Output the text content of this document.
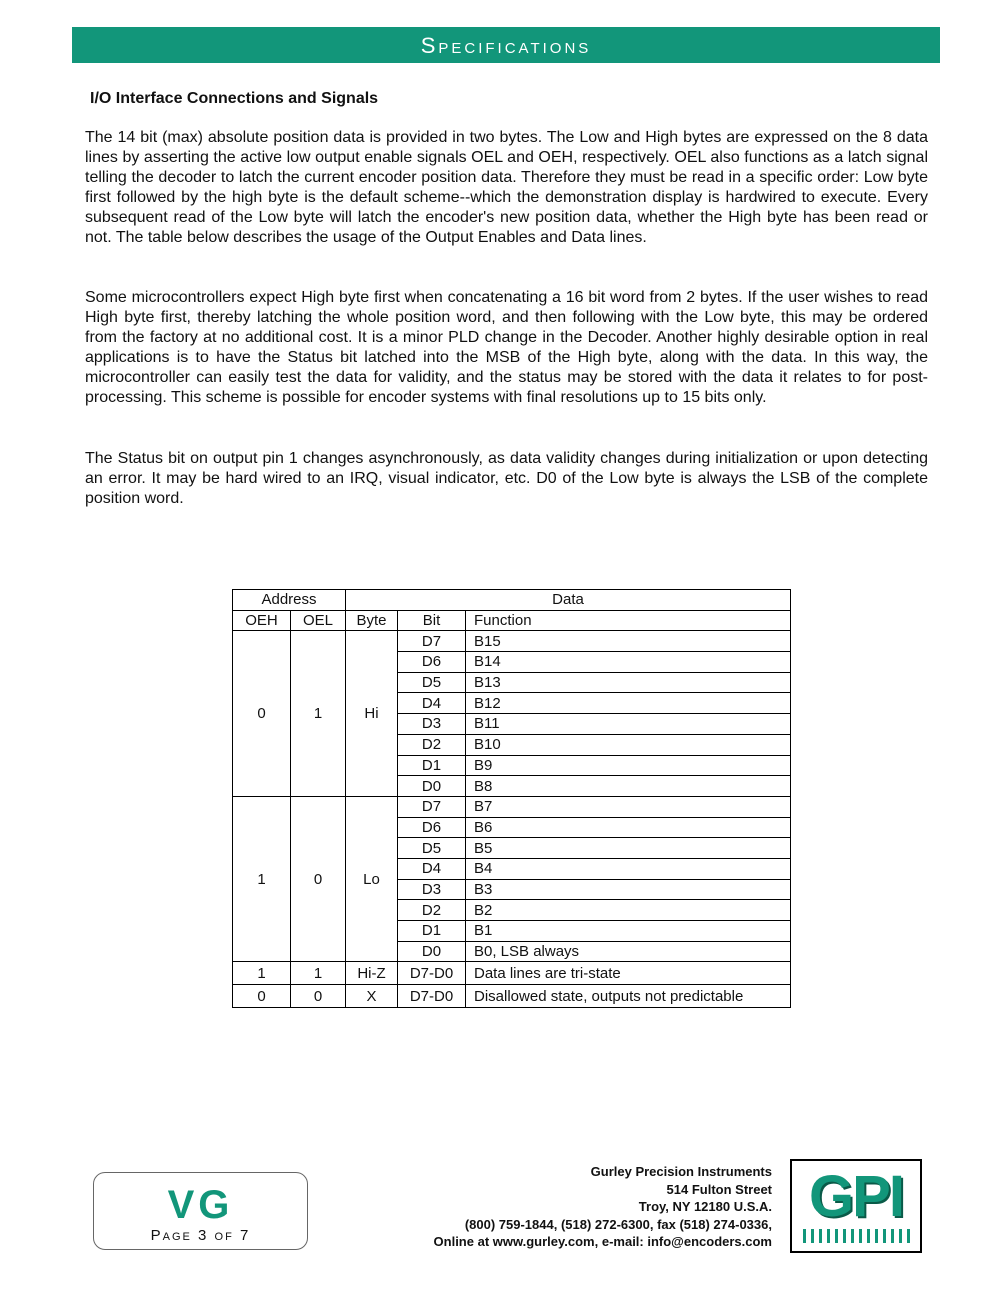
Specifications
I/O Interface Connections and Signals

The 14 bit (max) absolute position data is provided in two bytes. The Low and High bytes are expressed on the 8 data lines by asserting the active low output enable signals OEL and OEH, respectively. OEL also functions as a latch signal telling the decoder to latch the current encoder position data. Therefore they must be read in a specific order: Low byte first followed by the high byte is the default scheme--which the demonstration display is hardwired to execute. Every subsequent read of the Low byte will latch the encoder's new position data, whether the High byte has been read or not. The table below describes the usage of the Output Enables and Data lines.

Some microcontrollers expect High byte first when concatenating a 16 bit word from 2 bytes. If the user wishes to read High byte first, thereby latching the whole position word, and then following with the Low byte, this may be ordered from the factory at no additional cost. It is a minor PLD change in the Decoder. Another highly desirable option in real applications is to have the Status bit latched into the MSB of the High byte, along with the data. In this way, the microcontroller can easily test the data for validity, and the status may be stored with the data it relates to for post-processing. This scheme is possible for encoder systems with final resolutions up to 15 bits only.

The Status bit on output pin 1 changes asynchronously, as data validity changes during initialization or upon detecting an error. It may be hard wired to an IRQ, visual indicator, etc. D0 of the Low byte is always the LSB of the complete position word.

Address		Data		
OEH	OEL	Byte	Bit	Function
0	1	Hi	D7	B15
			D6	B14
			D5	B13
			D4	B12
			D3	B11
			D2	B10
			D1	B9
			D0	B8
1	0	Lo	D7	B7
			D6	B6
			D5	B5
			D4	B4
			D3	B3
			D2	B2
			D1	B1
			D0	B0, LSB always
1	1	Hi-Z	D7-D0	Data lines are tri-state
0	0	X	D7-D0	Disallowed state, outputs not predictable
VG
Page 3 of 7
Gurley Precision Instruments
514 Fulton Street
Troy, NY 12180 U.S.A.
(800) 759-1844, (518) 272-6300, fax (518) 274-0336,
Online at www.gurley.com, e-mail: info@encoders.com
GPI
